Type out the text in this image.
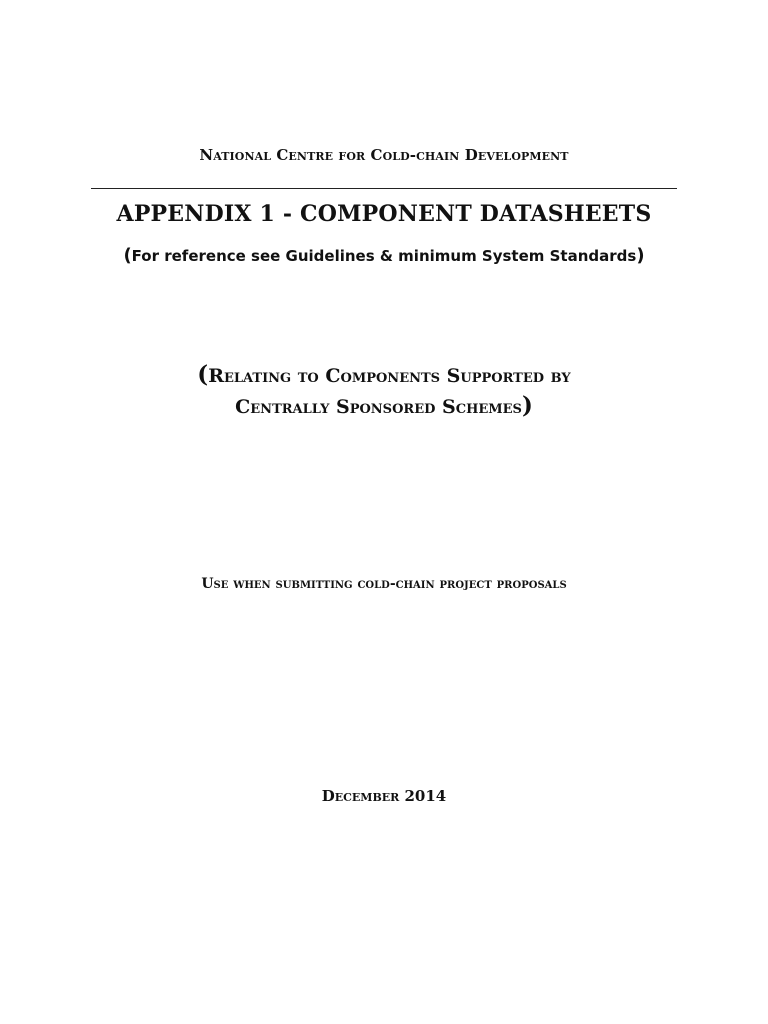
National Centre for Cold-chain Development
APPENDIX 1 - COMPONENT DATASHEETS
(For reference see Guidelines & minimum System Standards)
(Relating to Components Supported by
Centrally Sponsored Schemes)
Use when submitting cold-chain project proposals
December 2014
